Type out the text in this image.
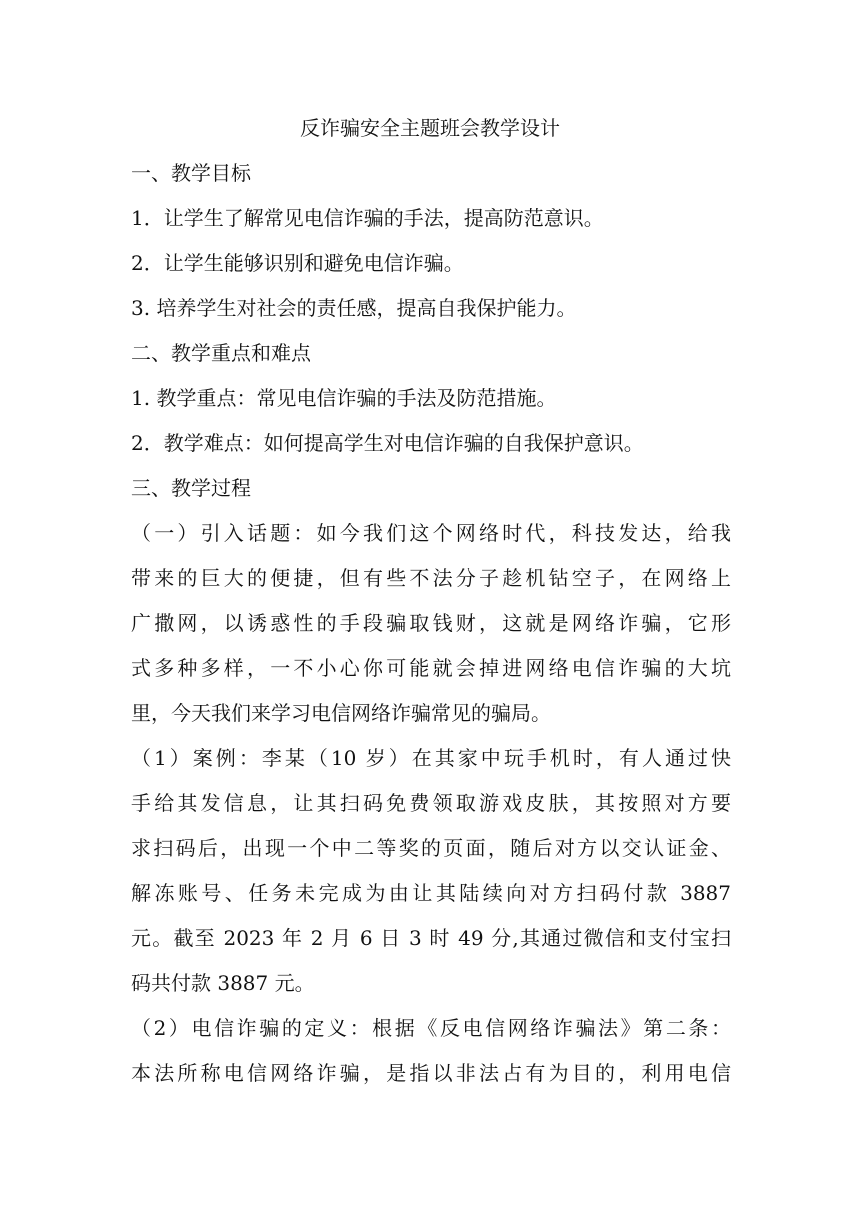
反诈骗安全主题班会教学设计
一、教学目标
1．让学生了解常见电信诈骗的手法，提高防范意识。
2．让学生能够识别和避免电信诈骗。
3. 培养学生对社会的责任感，提高自我保护能力。
二、教学重点和难点
1. 教学重点：常见电信诈骗的手法及防范措施。
2．教学难点：如何提高学生对电信诈骗的自我保护意识。
三、教学过程
（一）引入话题：如今我们这个网络时代，科技发达，给我
带来的巨大的便捷，但有些不法分子趁机钻空子，在网络上
广撒网，以诱惑性的手段骗取钱财，这就是网络诈骗，它形
式多种多样，一不小心你可能就会掉进网络电信诈骗的大坑
里，今天我们来学习电信网络诈骗常见的骗局。
（1）案例：李某（10 岁）在其家中玩手机时，有人通过快
手给其发信息，让其扫码免费领取游戏皮肤，其按照对方要
求扫码后，出现一个中二等奖的页面，随后对方以交认证金、
解冻账号、任务未完成为由让其陆续向对方扫码付款 3887
元。截至 2023 年 2 月 6 日 3 时 49 分,其通过微信和支付宝扫
码共付款 3887 元。
（2）电信诈骗的定义：根据《反电信网络诈骗法》第二条：
本法所称电信网络诈骗，是指以非法占有为目的，利用电信
